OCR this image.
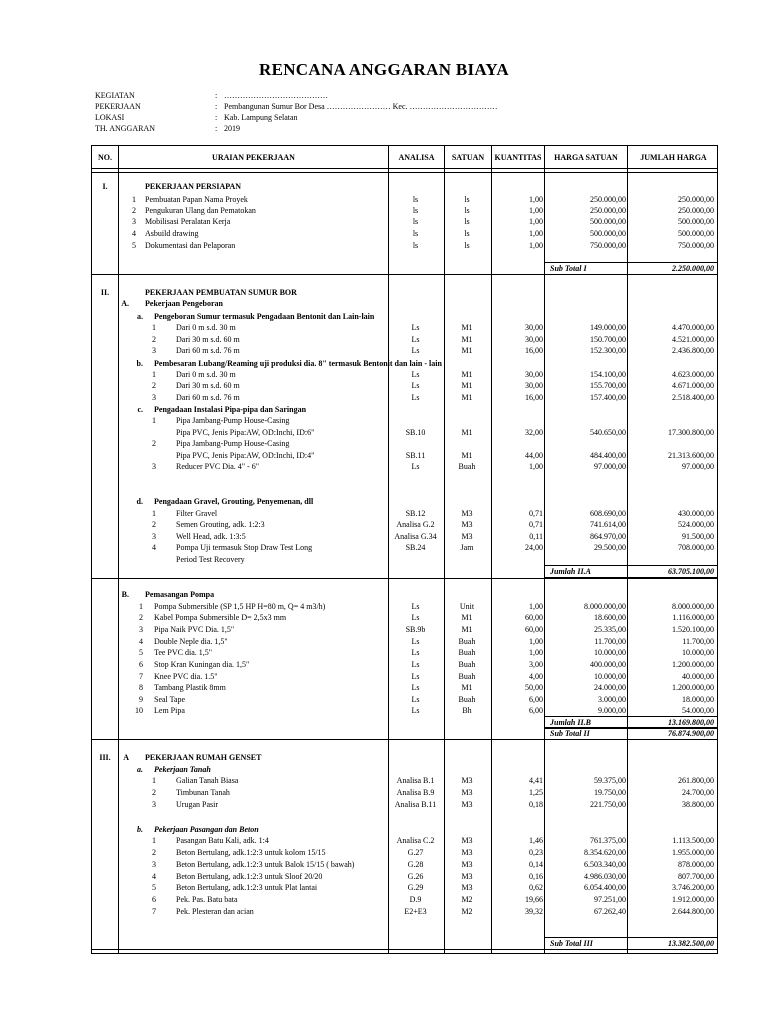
RENCANA ANGGARAN BIAYA
KEGIATAN	: …………………………………
PEKERJAAN	: Pembangunan Sumur Bor Desa …………………… Kec. ……………………………
LOKASI	: Kab. Lampung Selatan
TH. ANGGARAN	: 2019
NO.	URAIAN PEKERJAAN	ANALISA	SATUAN	KUANTITAS	HARGA SATUAN	JUMLAH HARGA
I.	PEKERJAAN PERSIAPAN
1 Pembuatan Papan Nama Proyek	ls	ls	1,00	250.000,00	250.000,00
2 Pengukuran Ulang dan Pematokan	ls	ls	1,00	250.000,00	250.000,00
3 Mobilisasi Peralatan Kerja	ls	ls	1,00	500.000,00	500.000,00
4 Asbuild drawing	ls	ls	1,00	500.000,00	500.000,00
5 Dokumentasi dan Pelaporan	ls	ls	1,00	750.000,00	750.000,00
Sub Total I	2.250.000,00
II.	PEKERJAAN PEMBUATAN SUMUR BOR
A. Pekerjaan Pengeboran
a. Pengeboran Sumur termasuk Pengadaan Bentonit dan Lain-lain
1	Dari 0 m s.d. 30 m	Ls	M1	30,00	149.000,00	4.470.000,00
2	Dari 30 m s.d. 60 m	Ls	M1	30,00	150.700,00	4.521.000,00
3	Dari 60 m s.d. 76 m	Ls	M1	16,00	152.300,00	2.436.800,00
b. Pembesaran Lubang/Reaming uji produksi dia. 8" termasuk Bentonit dan lain - lain
1	Dari 0 m s.d. 30 m	Ls	M1	30,00	154.100,00	4.623.000,00
2	Dari 30 m s.d. 60 m	Ls	M1	30,00	155.700,00	4.671.000,00
3	Dari 60 m s.d. 76 m	Ls	M1	16,00	157.400,00	2.518.400,00
c. Pengadaan Instalasi Pipa-pipa dan Saringan
1	Pipa Jambang-Pump House-Casing
Pipa PVC, Jenis Pipa:AW, OD:Inchi, ID:6"	SB.10	M1	32,00	540.650,00	17.300.800,00
2	Pipa Jambang-Pump House-Casing
Pipa PVC, Jenis Pipa:AW, OD:Inchi, ID:4"	SB.11	M1	44,00	484.400,00	21.313.600,00
3	Reducer PVC Dia. 4" - 6"	Ls	Buah	1,00	97.000,00	97.000,00
d. Pengadaan Gravel, Grouting, Penyemenan, dll
1	Filter Gravel	SB.12	M3	0,71	608.690,00	430.000,00
2	Semen Grouting, adk. 1:2:3	Analisa G.2	M3	0,71	741.614,00	524.000,00
3	Well Head, adk. 1:3:5	Analisa G.34	M3	0,11	864.970,00	91.500,00
4	Pompa Uji termasuk Stop Draw Test Long	SB.24	Jam	24,00	29.500,00	708.000,00
Period Test Recovery
Jumlah II.A	63.705.100,00
B. Pemasangan Pompa
1 Pompa Submersible (SP 1,5 HP H=80 m, Q= 4 m3/h)	Ls	Unit	1,00	8.000.000,00	8.000.000,00
2 Kabel Pompa Submersible D= 2,5x3 mm	Ls	M1	60,00	18.600,00	1.116.000,00
3 Pipa Naik PVC Dia. 1,5"	SB.9b	M1	60,00	25.335,00	1.520.100,00
4 Double Neple dia. 1,5"	Ls	Buah	1,00	11.700,00	11.700,00
5 Tee PVC dia. 1,5"	Ls	Buah	1,00	10.000,00	10.000,00
6 Stop Kran Kuningan dia. 1,5"	Ls	Buah	3,00	400.000,00	1.200.000,00
7 Knee PVC dia. 1.5"	Ls	Buah	4,00	10.000,00	40.000,00
8 Tambang Plastik 8mm	Ls	M1	50,00	24.000,00	1.200.000,00
9 Seal Tape	Ls	Buah	6,00	3.000,00	18.000,00
10 Lem Pipa	Ls	Bh	6,00	9.000,00	54.000,00
Jumlah II.B	13.169.800,00
Sub Total II	76.874.900,00
III.	A PEKERJAAN RUMAH GENSET
a. Pekerjaan Tanah
1	Galian Tanah Biasa	Analisa B.1	M3	4,41	59.375,00	261.800,00
2	Timbunan Tanah	Analisa B.9	M3	1,25	19.750,00	24.700,00
3	Urugan Pasir	Analisa B.11	M3	0,18	221.750,00	38.800,00
b. Pekerjaan Pasangan dan Beton
1	Pasangan Batu Kali, adk. 1:4	Analisa C.2	M3	1,46	761.375,00	1.113.500,00
2	Beton Bertulang, adk.1:2:3 untuk kolom 15/15	G.27	M3	0,23	8.354.620,00	1.955.000,00
3	Beton Bertulang, adk.1:2:3 untuk Balok 15/15 ( bawah)	G.28	M3	0,14	6.503.340,00	878.000,00
4	Beton Bertulang, adk.1:2:3 untuk Sloof 20/20	G.26	M3	0,16	4.986.030,00	807.700,00
5	Beton Bertulang, adk.1:2:3 untuk Plat lantai	G.29	M3	0,62	6.054.400,00	3.746.200,00
6	Pek. Pas. Batu bata	D.9	M2	19,66	97.251,00	1.912.000,00
7	Pek. Plesteran dan acian	E2+E3	M2	39,32	67.262,40	2.644.800,00
Sub Total III	13.382.500,00
